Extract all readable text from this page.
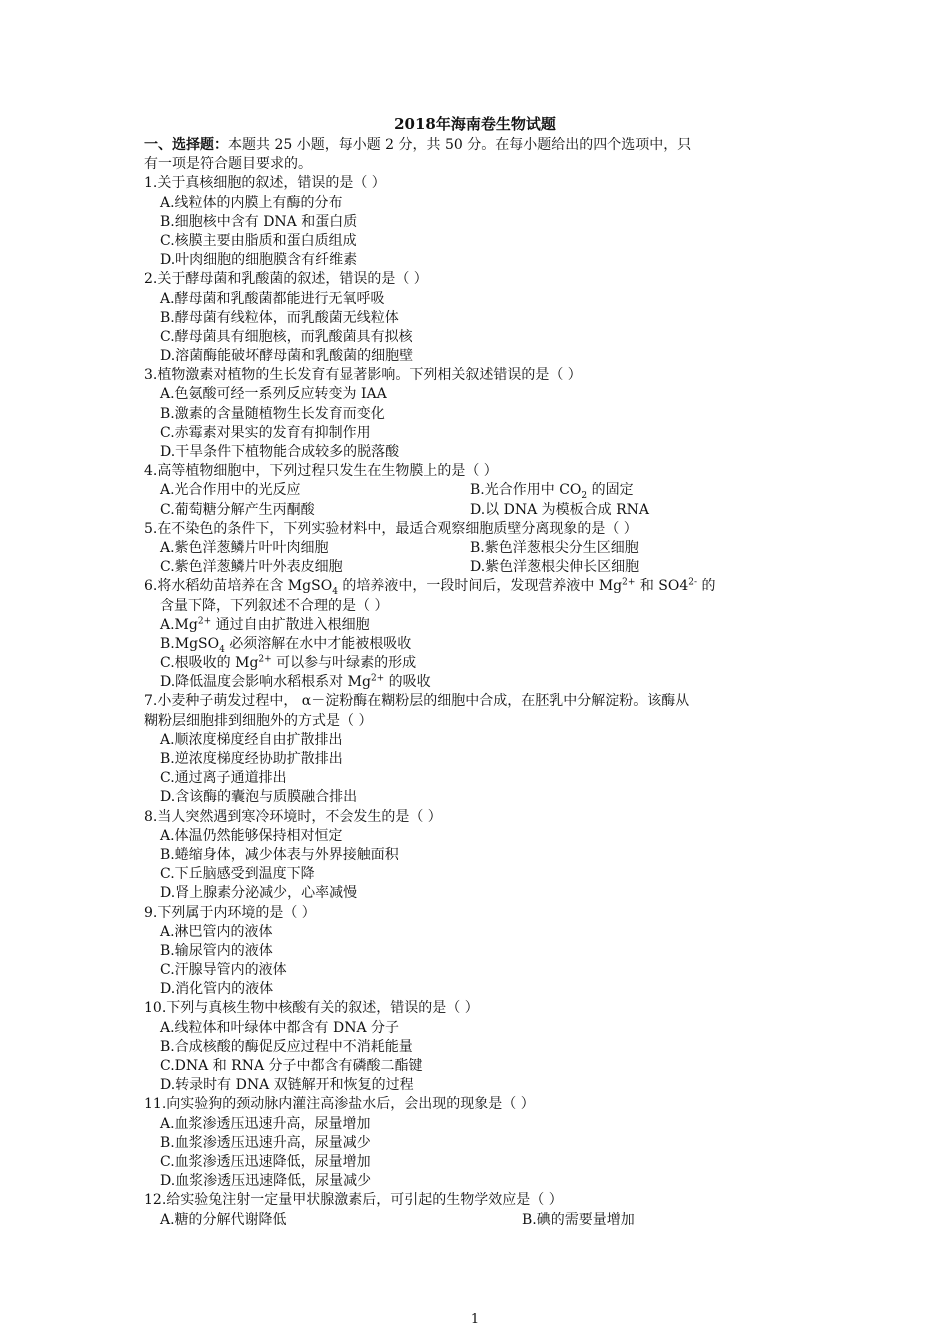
2018年海南卷生物试题
一、选择题：本题共 25 小题，每小题 2 分，共 50 分。在每小题给出的四个选项中，只
有一项是符合题目要求的。
1.关于真核细胞的叙述，错误的是（ ）
A.线粒体的内膜上有酶的分布
B.细胞核中含有 DNA 和蛋白质
C.核膜主要由脂质和蛋白质组成
D.叶肉细胞的细胞膜含有纤维素
2.关于酵母菌和乳酸菌的叙述，错误的是（ ）
A.酵母菌和乳酸菌都能进行无氧呼吸
B.酵母菌有线粒体，而乳酸菌无线粒体
C.酵母菌具有细胞核，而乳酸菌具有拟核
D.溶菌酶能破坏酵母菌和乳酸菌的细胞壁
3.植物激素对植物的生长发育有显著影响。下列相关叙述错误的是（ ）
A.色氨酸可经一系列反应转变为 IAA
B.激素的含量随植物生长发育而变化
C.赤霉素对果实的发育有抑制作用
D.干旱条件下植物能合成较多的脱落酸
4.高等植物细胞中，下列过程只发生在生物膜上的是（ ）
A.光合作用中的光反应	B.光合作用中 $CO_2$ 的固定
C.葡萄糖分解产生丙酮酸	D.以 DNA 为模板合成 RNA
5.在不染色的条件下，下列实验材料中，最适合观察细胞质壁分离现象的是（ ）
A.紫色洋葱鳞片叶叶肉细胞	B.紫色洋葱根尖分生区细胞
C.紫色洋葱鳞片叶外表皮细胞	D.紫色洋葱根尖伸长区细胞
6.将水稻幼苗培养在含 MgSO$_4$ 的培养液中，一段时间后，发现营养液中 $Mg^{2+}$ 和 $SO4^{2-}$ 的
含量下降，下列叙述不合理的是（ ）
$A.Mg^{2+}$ 通过自由扩散进入根细胞
B.MgSO$_4$ 必须溶解在水中才能被根吸收
C.根吸收的 $Mg^{2+}$ 可以参与叶绿素的形成
D.降低温度会影响水稻根系对 $Mg^{2+}$ 的吸收
7.小麦种子萌发过程中， α－淀粉酶在糊粉层的细胞中合成，在胚乳中分解淀粉。该酶从
糊粉层细胞排到细胞外的方式是（ ）
A.顺浓度梯度经自由扩散排出
B.逆浓度梯度经协助扩散排出
C.通过离子通道排出
D.含该酶的囊泡与质膜融合排出
8.当人突然遇到寒冷环境时，不会发生的是（ ）
A.体温仍然能够保持相对恒定
B.蜷缩身体，减少体表与外界接触面积
C.下丘脑感受到温度下降
D.肾上腺素分泌减少，心率减慢
9.下列属于内环境的是（ ）
A.淋巴管内的液体
B.输尿管内的液体
C.汗腺导管内的液体
D.消化管内的液体
10.下列与真核生物中核酸有关的叙述，错误的是（ ）
A.线粒体和叶绿体中都含有 DNA 分子
B.合成核酸的酶促反应过程中不消耗能量
C.DNA 和 RNA 分子中都含有磷酸二酯键
D.转录时有 DNA 双链解开和恢复的过程
11.向实验狗的颈动脉内灌注高渗盐水后，会出现的现象是（ ）
A.血浆渗透压迅速升高，尿量增加
B.血浆渗透压迅速升高，尿量减少
C.血浆渗透压迅速降低，尿量增加
D.血浆渗透压迅速降低，尿量减少
12.给实验兔注射一定量甲状腺激素后，可引起的生物学效应是（ ）
A.糖的分解代谢降低	B.碘的需要量增加
1
